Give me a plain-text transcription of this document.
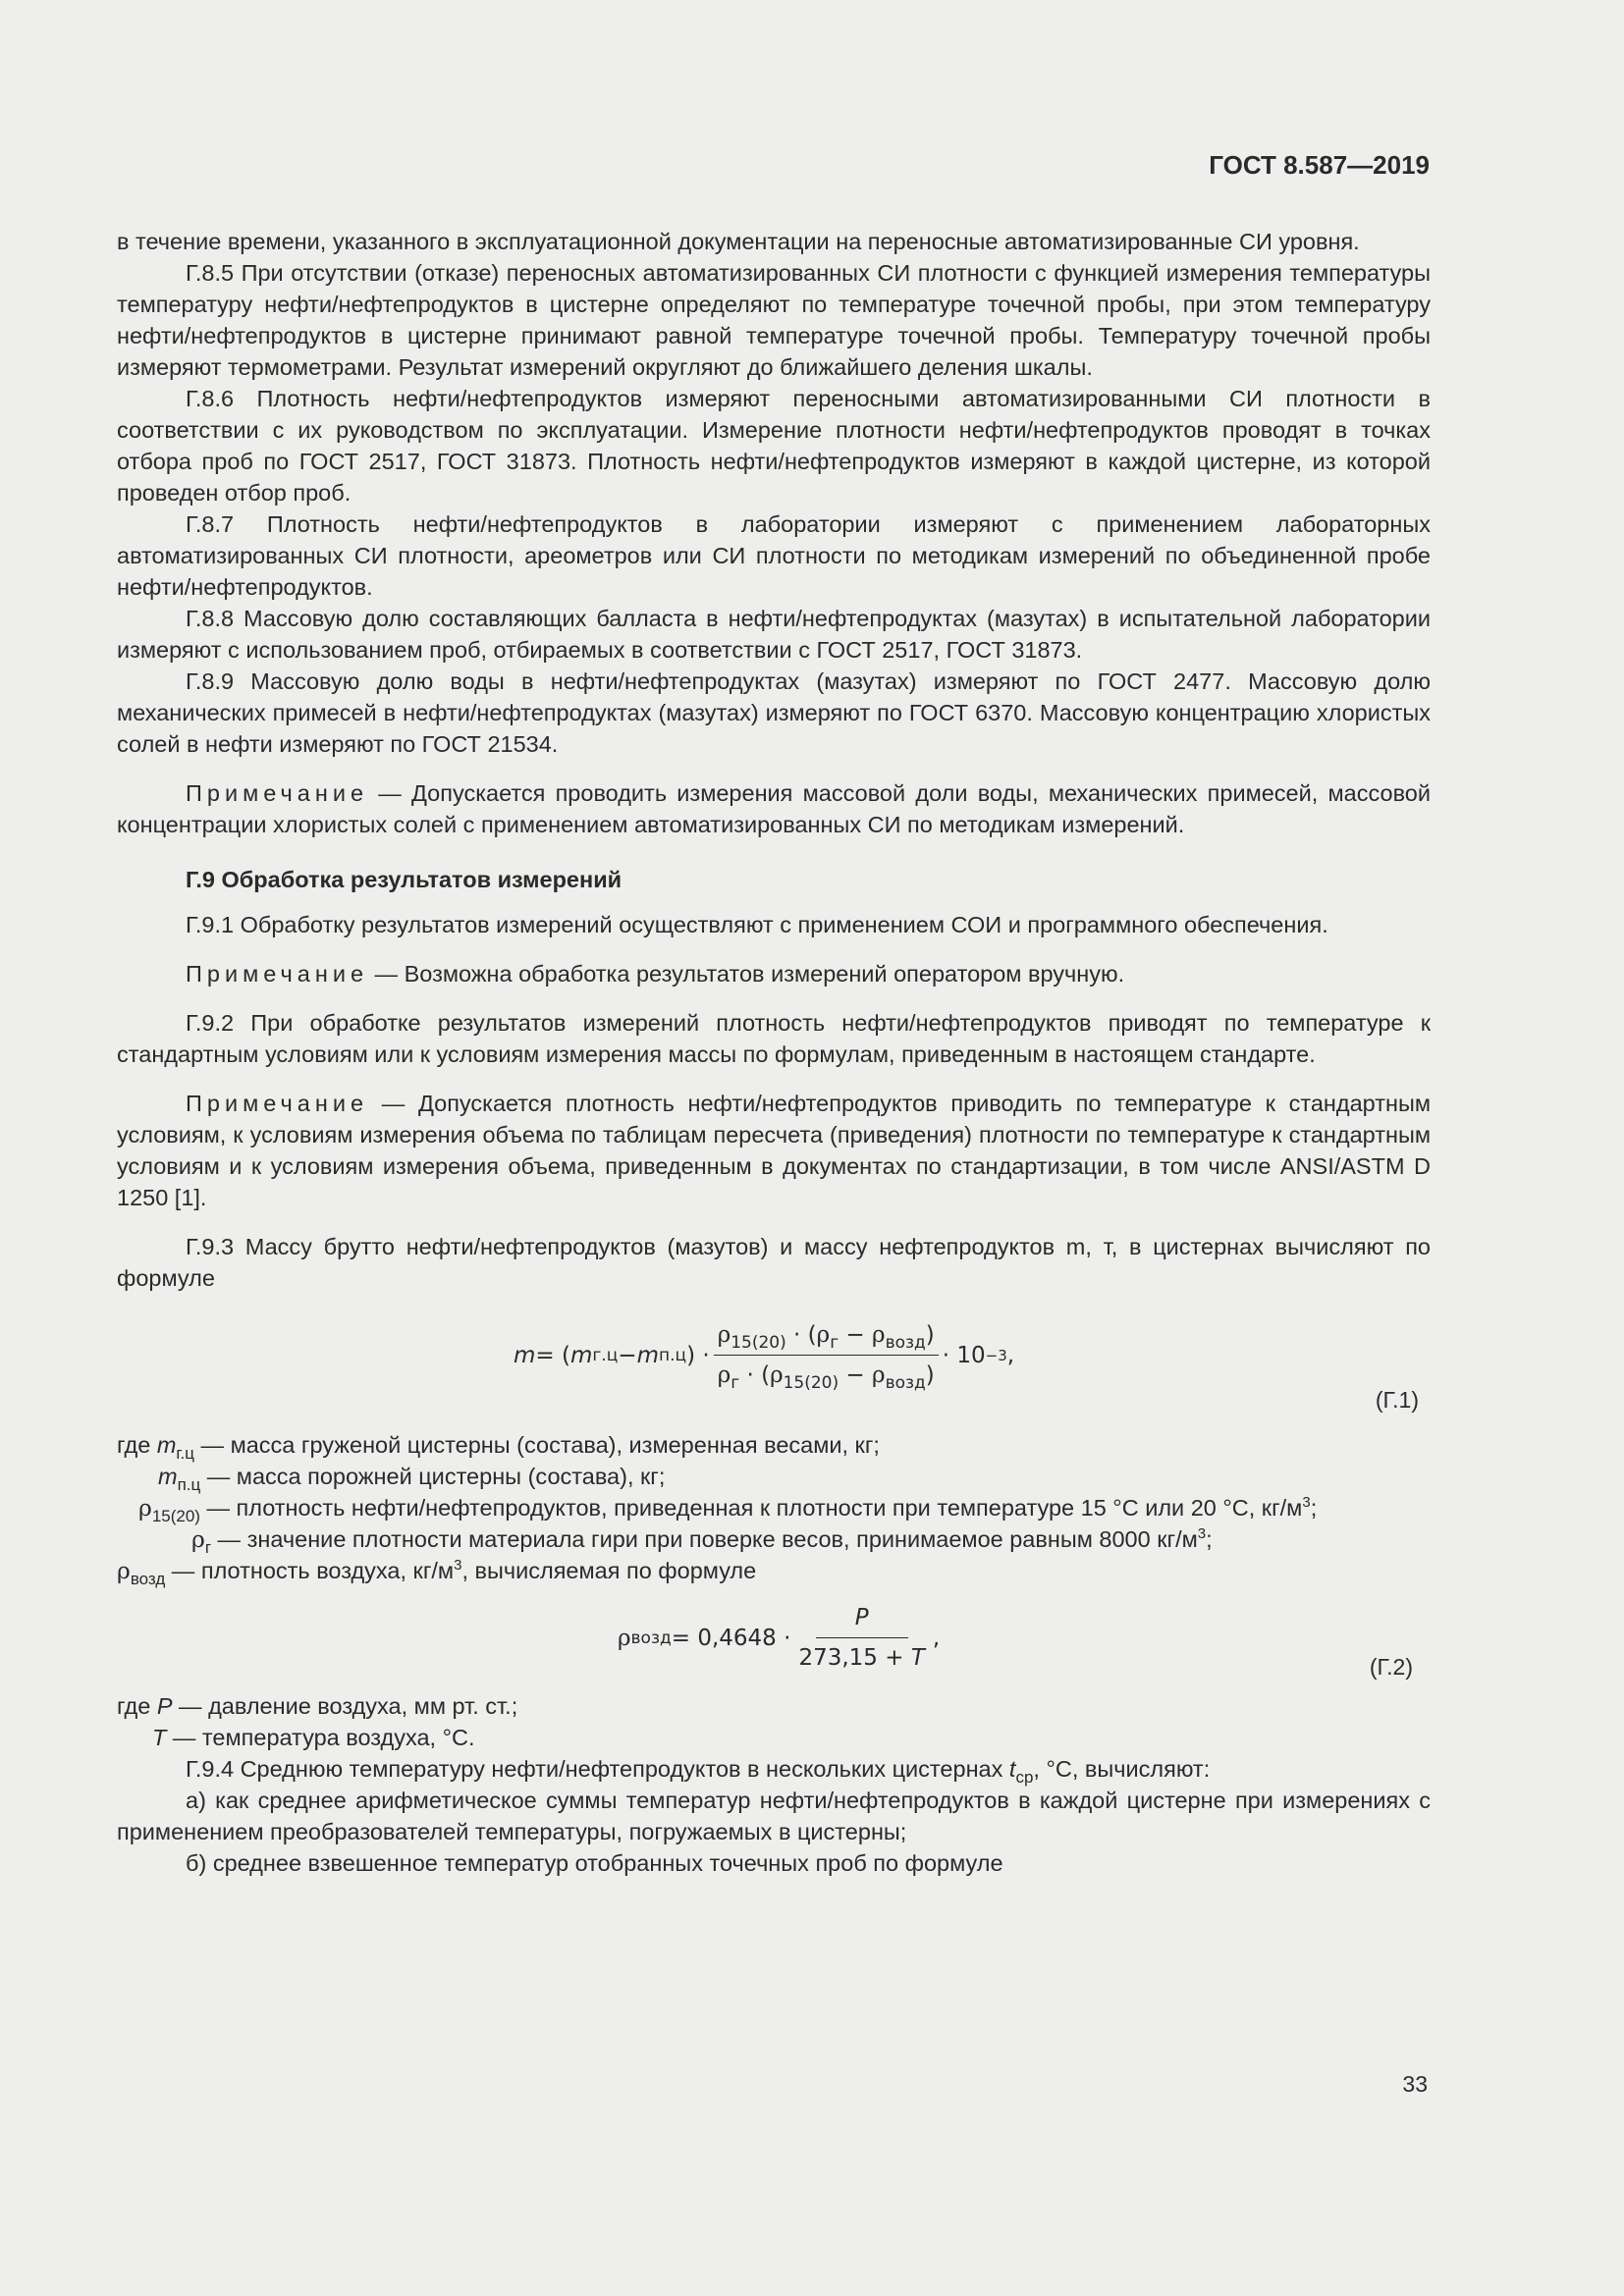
ГОСТ 8.587—2019

в течение времени, указанного в эксплуатационной документации на переносные автоматизированные СИ уровня.

Г.8.5 При отсутствии (отказе) переносных автоматизированных СИ плотности с функцией измерения температуры температуру нефти/нефтепродуктов в цистерне определяют по температуре точечной пробы, при этом температуру нефти/нефтепродуктов в цистерне принимают равной температуре точечной пробы. Температуру точечной пробы измеряют термометрами. Результат измерений округляют до ближайшего деления шкалы.

Г.8.6 Плотность нефти/нефтепродуктов измеряют переносными автоматизированными СИ плотности в соответствии с их руководством по эксплуатации. Измерение плотности нефти/нефтепродуктов проводят в точках отбора проб по ГОСТ 2517, ГОСТ 31873. Плотность нефти/нефтепродуктов измеряют в каждой цистерне, из которой проведен отбор проб.

Г.8.7 Плотность нефти/нефтепродуктов в лаборатории измеряют с применением лабораторных автоматизированных СИ плотности, ареометров или СИ плотности по методикам измерений по объединенной пробе нефти/нефтепродуктов.

Г.8.8 Массовую долю составляющих балласта в нефти/нефтепродуктах (мазутах) в испытательной лаборатории измеряют с использованием проб, отбираемых в соответствии с ГОСТ 2517, ГОСТ 31873.

Г.8.9 Массовую долю воды в нефти/нефтепродуктах (мазутах) измеряют по ГОСТ 2477. Массовую долю механических примесей в нефти/нефтепродуктах (мазутах) измеряют по ГОСТ 6370. Массовую концентрацию хлористых солей в нефти измеряют по ГОСТ 21534.

Примечание — Допускается проводить измерения массовой доли воды, механических примесей, массовой концентрации хлористых солей с применением автоматизированных СИ по методикам измерений.

Г.9 Обработка результатов измерений

Г.9.1 Обработку результатов измерений осуществляют с применением СОИ и программного обеспечения.

Примечание — Возможна обработка результатов измерений оператором вручную.

Г.9.2 При обработке результатов измерений плотность нефти/нефтепродуктов приводят по температуре к стандартным условиям или к условиям измерения массы по формулам, приведенным в настоящем стандарте.

Примечание — Допускается плотность нефти/нефтепродуктов приводить по температуре к стандартным условиям, к условиям измерения объема по таблицам пересчета (приведения) плотности по температуре к стандартным условиям и к условиям измерения объема, приведенным в документах по стандартизации, в том числе ANSI/ASTM D 1250 [1].

Г.9.3 Массу брутто нефти/нефтепродуктов (мазутов) и массу нефтепродуктов m, т, в цистернах вычисляют по формуле

m = ( m г.ц − m п.ц ) · $\frac{\rho_{15(20)} \cdot (\rho_г - \rho_{возд})}{\rho_г \cdot (\rho_{15(20)} - \rho_{возд})} \cdot 10 -3$ ,
(Г.1)

где $m_{г.ц}$ — масса груженой цистерны (состава), измеренная весами, кг;

$m_{п.ц}$ — масса порожней цистерны (состава), кг;

$\rho_{15(20)}$ — плотность нефти/нефтепродуктов, приведенная к плотности при температуре 15 °С или 20 °С, $кг/м^3$;

$\rho_г$ — значение плотности материала гири при поверке весов, принимаемое равным 8000 $кг/м^3$;

$\rho_{возд}$ — плотность воздуха, $кг/м^3$, вычисляемая по формуле

ρ возд = $0,4648 \cdot \frac{P}{273,15 + T}$ ,
(Г.2)

где P — давление воздуха, мм рт. ст.;

T — температура воздуха, °С.

Г.9.4 Среднюю температуру нефти/нефтепродуктов в нескольких цистернах $t_{ср}$, °С, вычисляют:

а) как среднее арифметическое суммы температур нефти/нефтепродуктов в каждой цистерне при измерениях с применением преобразователей температуры, погружаемых в цистерны;

б) среднее взвешенное температур отобранных точечных проб по формуле

33
